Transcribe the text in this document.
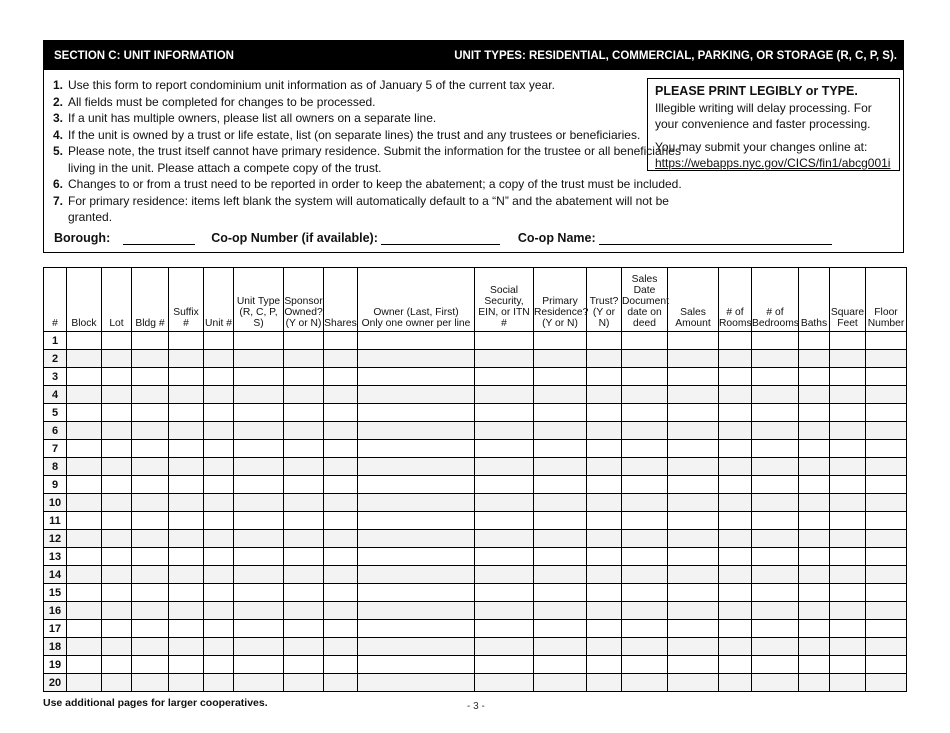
SECTION C: UNIT INFORMATION	UNIT TYPES: RESIDENTIAL, COMMERCIAL, PARKING, OR STORAGE (R, C, P, S).
1. Use this form to report condominium unit information as of January 5 of the current tax year.
2. All fields must be completed for changes to be processed.
3. If a unit has multiple owners, please list all owners on a separate line.
4. If the unit is owned by a trust or life estate, list (on separate lines) the trust and any trustees or beneficiaries.
5. Please note, the trust itself cannot have primary residence. Submit the information for the trustee or all beneficiaries living in the unit. Please attach a compete copy of the trust.
6. Changes to or from a trust need to be reported in order to keep the abatement; a copy of the trust must be included.
7. For primary residence: items left blank the system will automatically default to a “N” and the abatement will not be granted.
PLEASE PRINT LEGIBLY or TYPE.
Illegible writing will delay processing. For
your convenience and faster processing.
You may submit your changes online at:
https://webapps.nyc.gov/CICS/fin1/abcg001i
Borough:	Co-op Number (if available):	Co-op Name:
#	Block	Lot	Bldg #	Suffix #	Unit #	Unit Type
(R, C, P, S)	Sponsor Owned?
(Y or N)	Shares	Owner (Last, First)
Only one owner per line	Social Security, EIN, or ITN #	Primary Residence?
(Y or N)	Trust?
(Y or N)	Sales Date Document date on deed	Sales Amount	# of Rooms	# of Bedrooms	Baths	Square Feet	Floor Number
1																			
2																			
3																			
4																			
5																			
6																			
7																			
8																			
9																			
10																			
11																			
12																			
13																			
14																			
15																			
16																			
17																			
18																			
19																			
20																			
Use additional pages for larger cooperatives.	- 3 -
